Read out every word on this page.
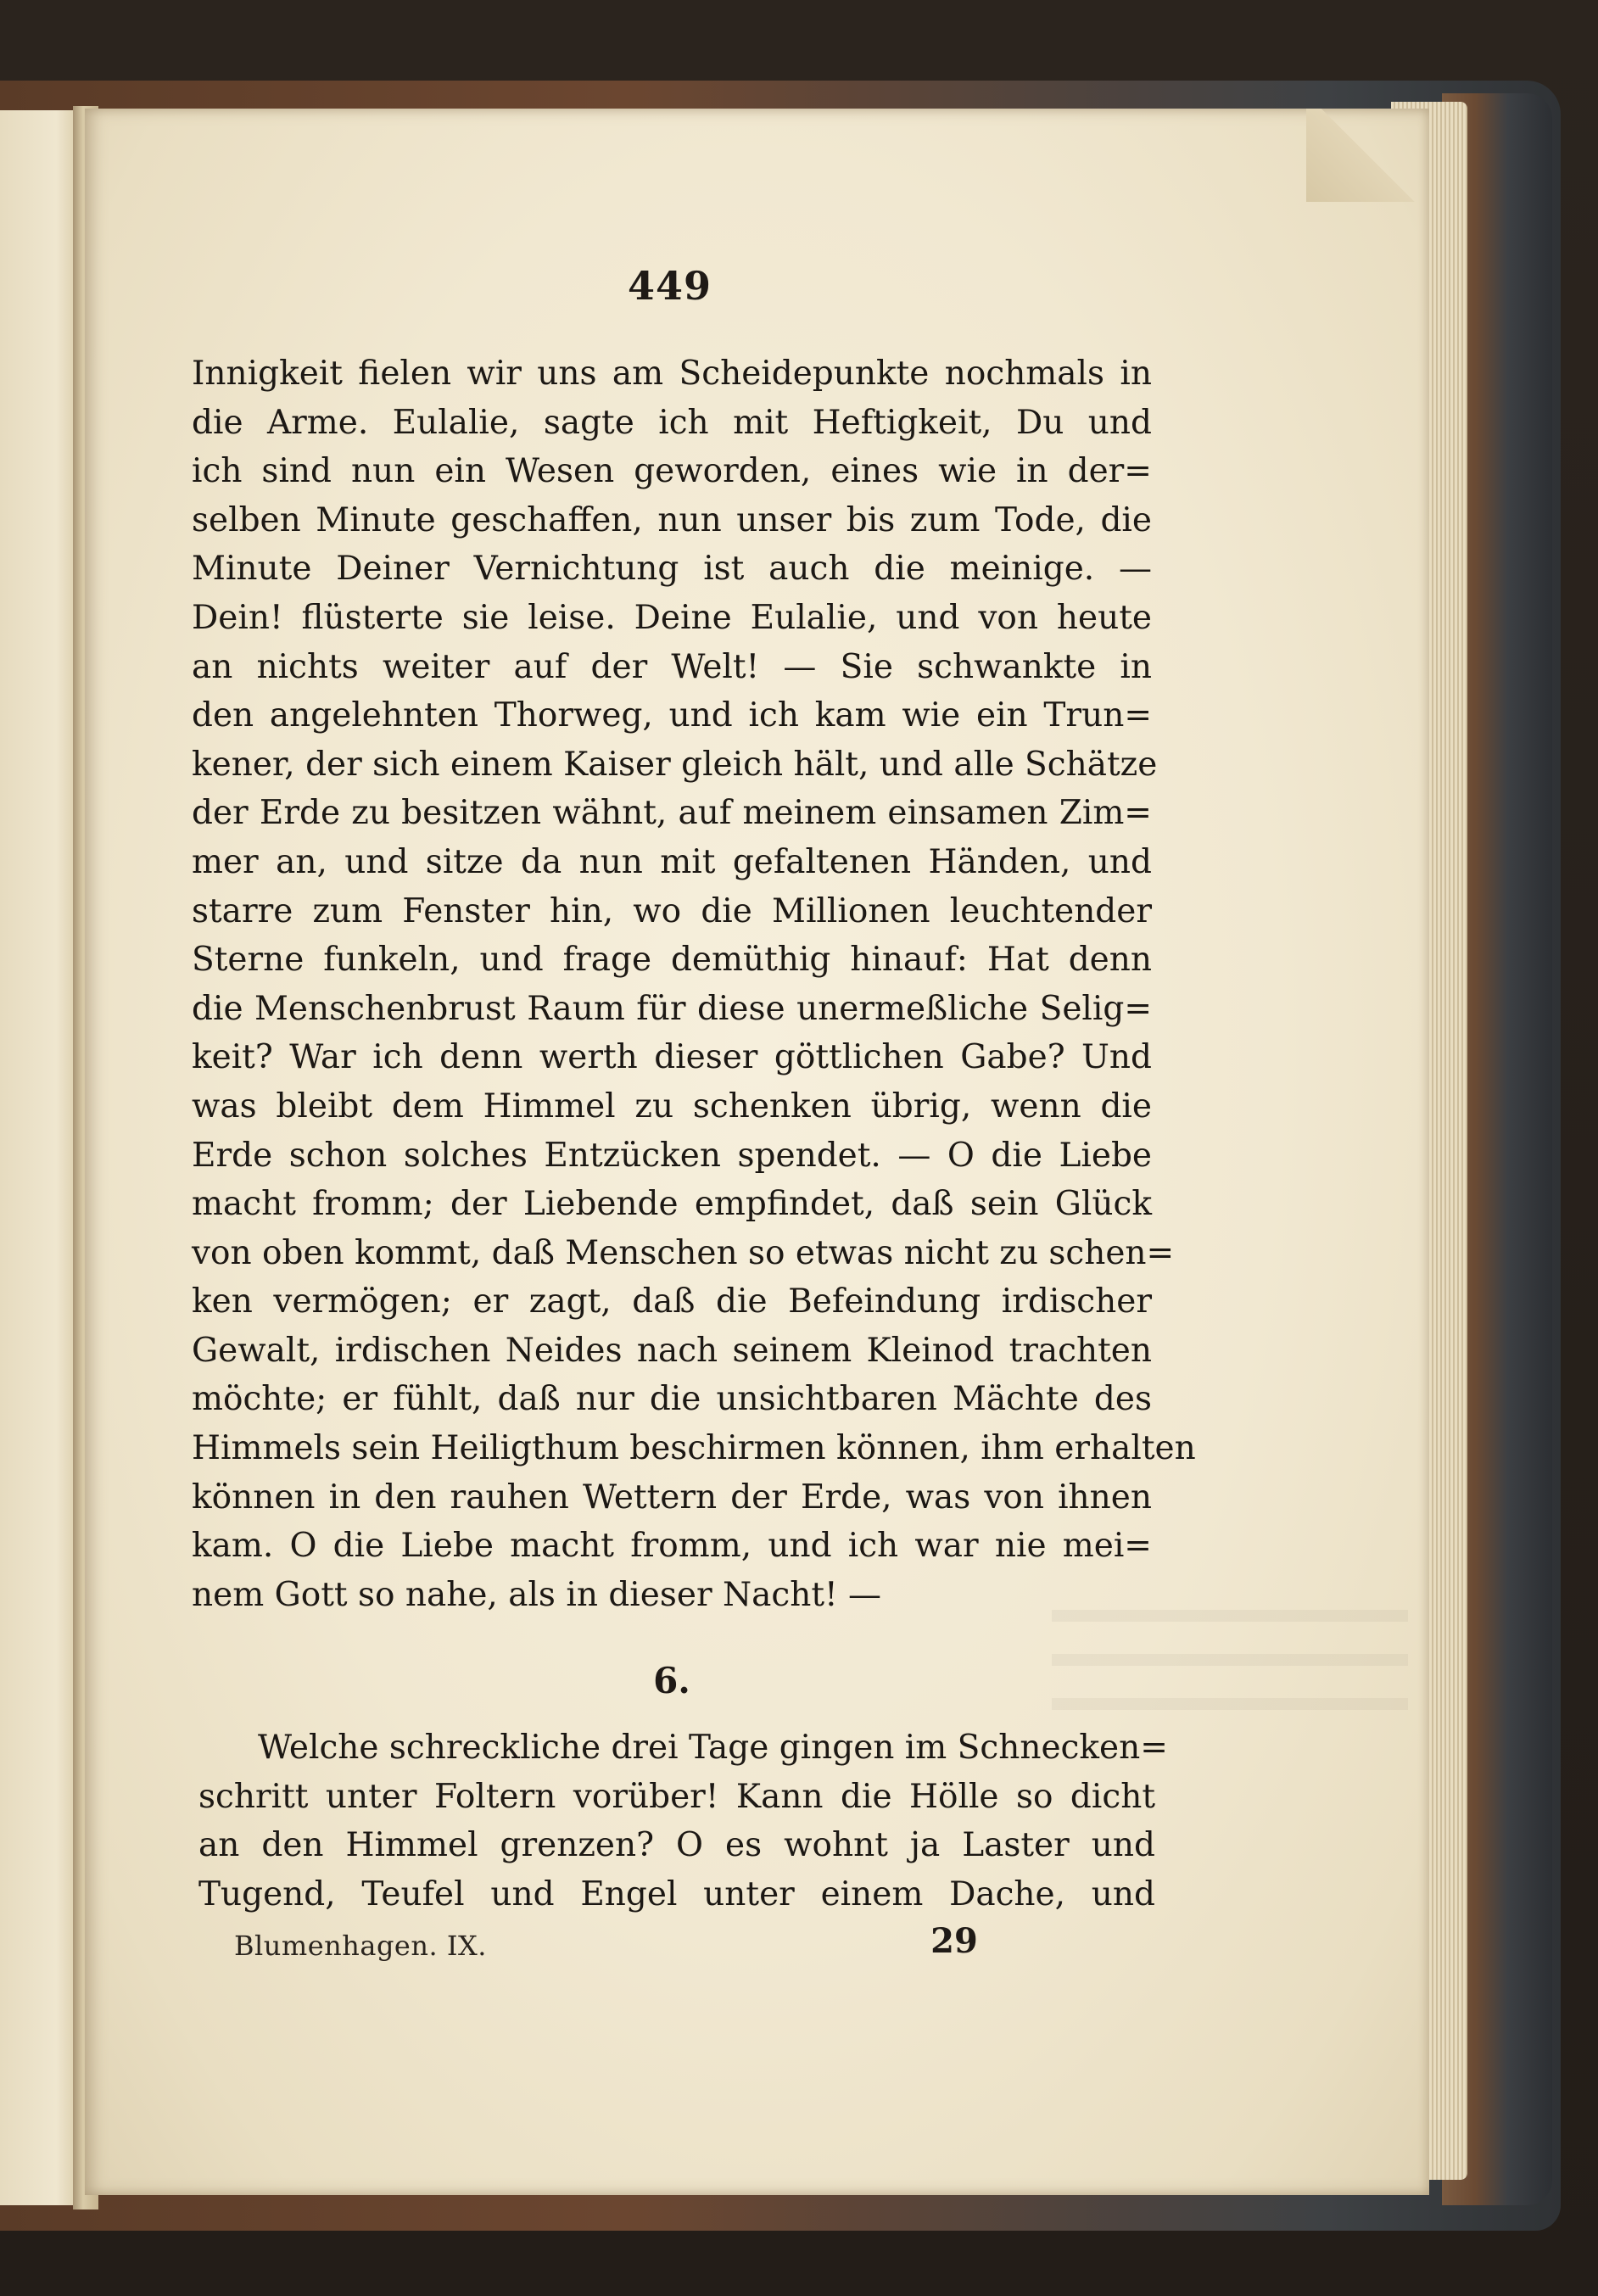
449
Innigkeit fielen wir uns am Scheidepunkte nochmals in
die Arme. Eulalie, sagte ich mit Heftigkeit, Du und
ich sind nun ein Wesen geworden, eines wie in der=
selben Minute geschaffen, nun unser bis zum Tode, die
Minute Deiner Vernichtung ist auch die meinige. —
Dein! flüsterte sie leise. Deine Eulalie, und von heute
an nichts weiter auf der Welt! — Sie schwankte in
den angelehnten Thorweg, und ich kam wie ein Trun=
kener, der sich einem Kaiser gleich hält, und alle Schätze
der Erde zu besitzen wähnt, auf meinem einsamen Zim=
mer an, und sitze da nun mit gefaltenen Händen, und
starre zum Fenster hin, wo die Millionen leuchtender
Sterne funkeln, und frage demüthig hinauf: Hat denn
die Menschenbrust Raum für diese unermeßliche Selig=
keit? War ich denn werth dieser göttlichen Gabe? Und
was bleibt dem Himmel zu schenken übrig, wenn die
Erde schon solches Entzücken spendet. — O die Liebe
macht fromm; der Liebende empfindet, daß sein Glück
von oben kommt, daß Menschen so etwas nicht zu schen=
ken vermögen; er zagt, daß die Befeindung irdischer
Gewalt, irdischen Neides nach seinem Kleinod trachten
möchte; er fühlt, daß nur die unsichtbaren Mächte des
Himmels sein Heiligthum beschirmen können, ihm erhalten
können in den rauhen Wettern der Erde, was von ihnen
kam. O die Liebe macht fromm, und ich war nie mei=
nem Gott so nahe, als in dieser Nacht! —
6.
Welche schreckliche drei Tage gingen im Schnecken=
schritt unter Foltern vorüber! Kann die Hölle so dicht
an den Himmel grenzen? O es wohnt ja Laster und
Tugend, Teufel und Engel unter einem Dache, und
Blumenhagen. IX.	29
